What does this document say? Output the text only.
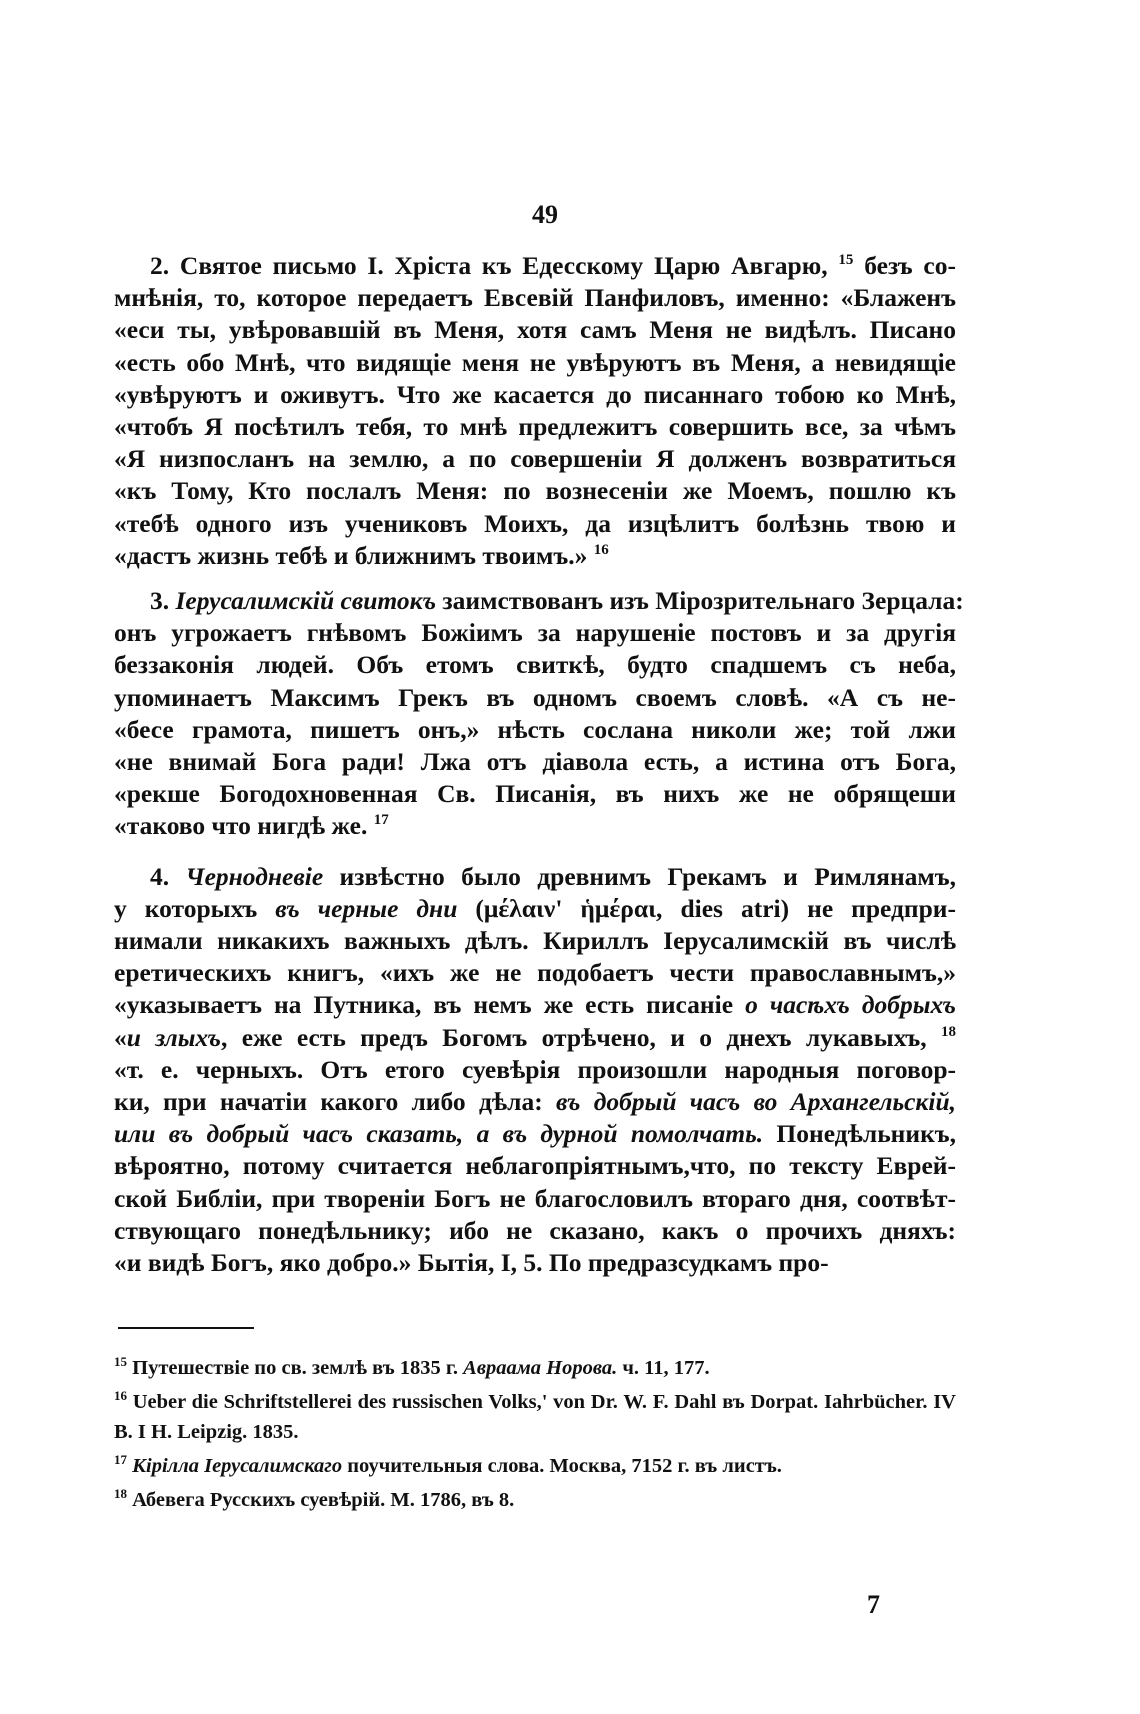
49

2. Святое письмо I. Хріста къ Едесскому Царю Авгарю, $^{15}$ безъ со-
мнѣнія, то, которое передаетъ Евсевій Панфиловъ, именно: «Блаженъ
«еси ты, увѣровавшій въ Меня, хотя самъ Меня не видѣлъ. Писано
«есть обо Мнѣ, что видящіе меня не увѣруютъ въ Меня, а невидящіе
«увѣруютъ и оживутъ. Что же касается до писаннаго тобою ко Мнѣ,
«чтобъ Я посѣтилъ тебя, то мнѣ предлежитъ совершить все, за чѣмъ
«Я низпосланъ на землю, а по совершеніи Я долженъ возвратиться
«къ Тому, Кто послалъ Меня: по вознесеніи же Моемъ, пошлю къ
«тебѣ одного изъ учениковъ Моихъ, да изцѣлитъ болѣзнь твою и
«дастъ жизнь тебѣ и ближнимъ твоимъ.» $^{16}$

3. Іерусалимскій свитокъ заимствованъ изъ Мірозрительнаго Зерцала:
онъ угрожаетъ гнѣвомъ Божіимъ за нарушеніе постовъ и за другія
беззаконія людей. Объ етомъ свиткѣ, будто спадшемъ съ неба,
упоминаетъ Максимъ Грекъ въ одномъ своемъ словѣ. «А съ не-
«бесе грамота, пишетъ онъ,» нѣсть сослана николи же; той лжи
«не внимай Бога ради! Лжа отъ діавола есть, а истина отъ Бога,
«рекше Богодохновенная Св. Писанія, въ нихъ же не обрящеши
«таково что нигдѣ же. $^{17}$

4. Чернодневіе извѣстно было древнимъ Грекамъ и Римлянамъ,
у которыхъ въ черные дни (μέλαιν' ἡμέραι, dies atri) не предпри-
нимали никакихъ важныхъ дѣлъ. Кириллъ Іерусалимскій въ числѣ
еретическихъ книгъ, «ихъ же не подобаетъ чести православнымъ,»
«указываетъ на Путника, въ немъ же есть писаніе о часѣхъ добрыхъ
«и злыхъ, еже есть предъ Богомъ отрѣчено, и о днехъ лукавыхъ, $^{18}$
«т. е. черныхъ. Отъ етого суевѣрія произошли народныя поговор-
ки, при начатіи какого либо дѣла: въ добрый часъ во Архангельскій,
или въ добрый часъ сказать, а въ дурной помолчать. Понедѣльникъ,
вѣроятно, потому считается неблагопріятнымъ,что, по тексту Еврей-
ской Библіи, при твореніи Богъ не благословилъ втораго дня, соотвѣт-
ствующаго понедѣльнику; ибо не сказано, какъ о прочихъ дняхъ:
«и видѣ Богъ, яко добро.» Бытія, I, 5. По предразсудкамъ про-

$^{15}$ Путешествіе по св. землѣ въ 1835 г. Авраама Норова. ч. 11, 177.

$^{16}$ Ueber die Schriftstellerei des russischen Volks,' von Dr. W. F. Dahl въ Dorpat. Iahrbücher. IV B. I H. Leipzig. 1835.

$^{17}$ Кірілла Іерусалимскаго поучительныя слова. Москва, 7152 г. въ листъ.

$^{18}$ Абевега Русскихъ суевѣрій. М. 1786, въ 8.

7
